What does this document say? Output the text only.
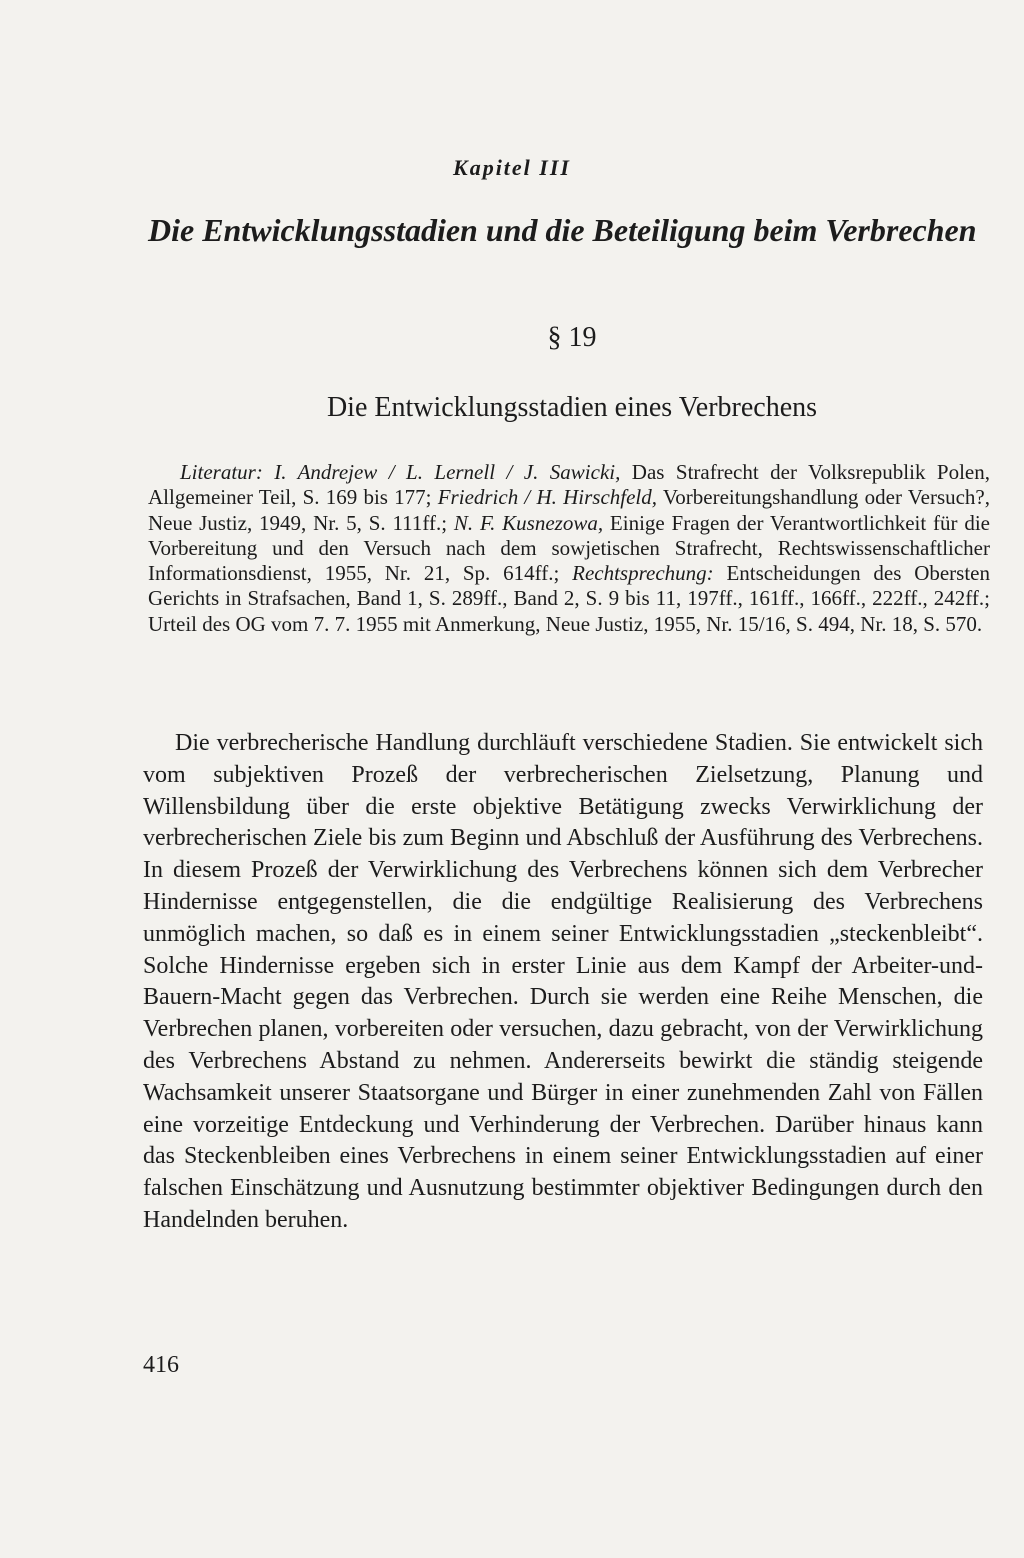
Kapitel III
Die Entwicklungsstadien und die Beteiligung beim Verbrechen
§ 19
Die Entwicklungsstadien eines Verbrechens
Literatur: I. Andrejew / L. Lernell / J. Sawicki, Das Strafrecht der Volksrepublik Polen, Allgemeiner Teil, S. 169 bis 177; Friedrich / H. Hirschfeld, Vorbereitungshandlung oder Versuch?, Neue Justiz, 1949, Nr. 5, S. 111ff.; N. F. Kusnezowa, Einige Fragen der Verantwortlichkeit für die Vorbereitung und den Versuch nach dem sowjetischen Strafrecht, Rechtswissenschaftlicher Informationsdienst, 1955, Nr. 21, Sp. 614ff.; Rechtsprechung: Entscheidungen des Obersten Gerichts in Strafsachen, Band 1, S. 289ff., Band 2, S. 9 bis 11, 197ff., 161ff., 166ff., 222ff., 242ff.; Urteil des OG vom 7. 7. 1955 mit Anmerkung, Neue Justiz, 1955, Nr. 15/16, S. 494, Nr. 18, S. 570.
Die verbrecherische Handlung durchläuft verschiedene Stadien. Sie entwickelt sich vom subjektiven Prozeß der verbrecherischen Zielsetzung, Planung und Willensbildung über die erste objektive Betätigung zwecks Verwirklichung der verbrecherischen Ziele bis zum Beginn und Abschluß der Ausführung des Verbrechens. In diesem Prozeß der Verwirklichung des Verbrechens können sich dem Verbrecher Hindernisse entgegenstellen, die die endgültige Realisierung des Verbrechens unmöglich machen, so daß es in einem seiner Entwicklungsstadien „steckenbleibt“. Solche Hindernisse ergeben sich in erster Linie aus dem Kampf der Arbeiter-und-Bauern-Macht gegen das Verbrechen. Durch sie werden eine Reihe Menschen, die Verbrechen planen, vorbereiten oder versuchen, dazu gebracht, von der Verwirklichung des Verbrechens Abstand zu nehmen. Andererseits bewirkt die ständig steigende Wachsamkeit unserer Staatsorgane und Bürger in einer zunehmenden Zahl von Fällen eine vorzeitige Entdeckung und Verhinderung der Verbrechen. Darüber hinaus kann das Steckenbleiben eines Verbrechens in einem seiner Entwicklungsstadien auf einer falschen Einschätzung und Ausnutzung bestimmter objektiver Bedingungen durch den Handelnden beruhen.
416
